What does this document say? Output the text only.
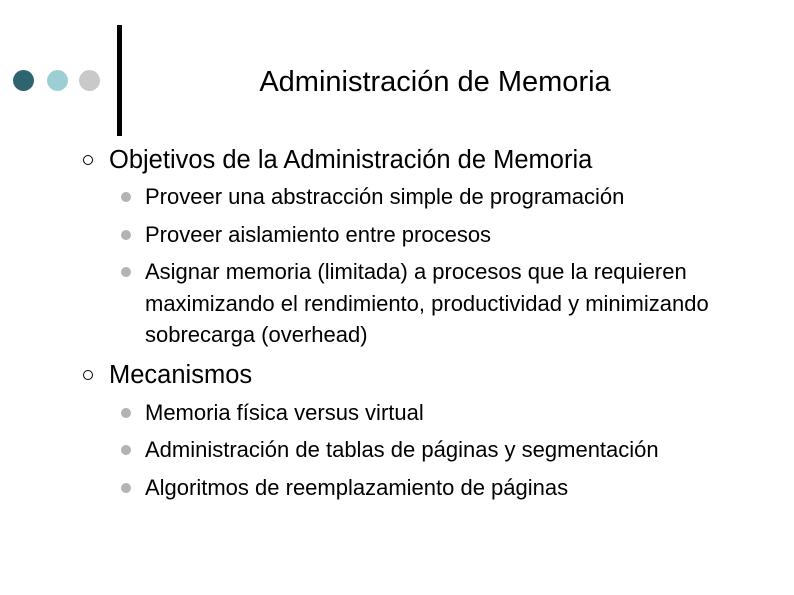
Administración de Memoria
Objetivos de la Administración de Memoria
Proveer una abstracción simple de programación
Proveer aislamiento entre procesos
Asignar memoria (limitada) a procesos que la requieren maximizando el rendimiento, productividad y minimizando sobrecarga (overhead)
Mecanismos
Memoria física versus virtual
Administración de tablas de páginas y segmentación
Algoritmos de reemplazamiento de páginas
